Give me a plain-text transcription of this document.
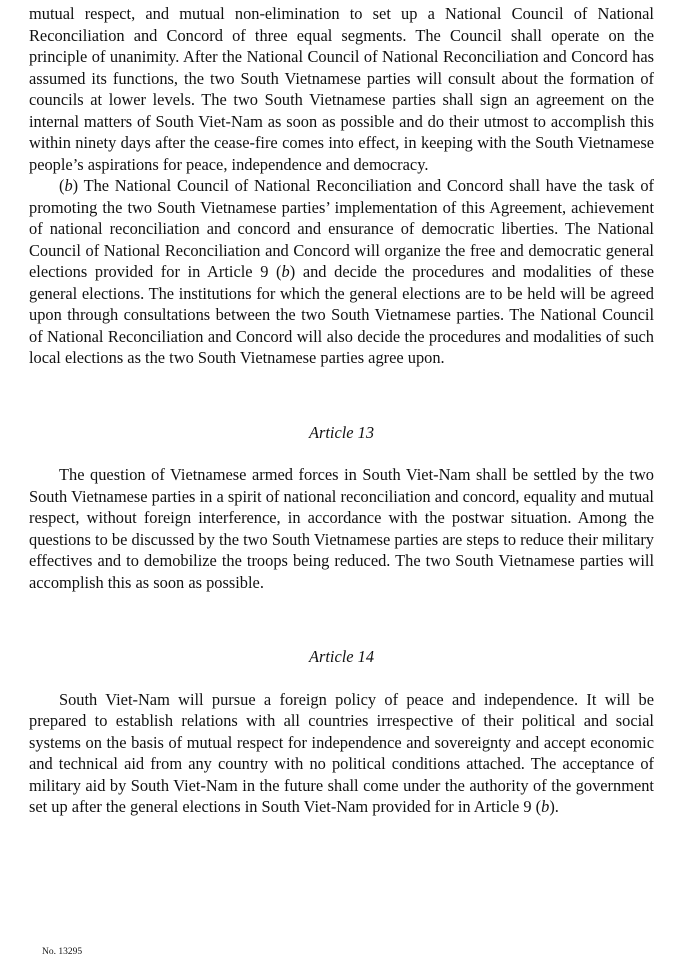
mutual respect, and mutual non-elimination to set up a National Council of National Reconciliation and Concord of three equal segments. The Council shall operate on the principle of unanimity. After the National Council of National Reconciliation and Concord has assumed its functions, the two South Vietnamese parties will consult about the formation of councils at lower levels. The two South Vietnamese parties shall sign an agreement on the internal matters of South Viet-Nam as soon as possible and do their utmost to accomplish this within ninety days after the cease-fire comes into effect, in keeping with the South Vietnamese people’s aspirations for peace, independence and democracy.

(b) The National Council of National Reconciliation and Concord shall have the task of promoting the two South Vietnamese parties’ implementation of this Agreement, achievement of national reconciliation and concord and ensurance of democratic liberties. The National Council of National Reconciliation and Concord will organize the free and democratic general elections provided for in Article 9 (b) and decide the procedures and modalities of these general elections. The institutions for which the general elections are to be held will be agreed upon through consultations between the two South Vietnamese parties. The National Council of National Reconciliation and Concord will also decide the procedures and modalities of such local elections as the two South Vietnamese parties agree upon.

Article 13

The question of Vietnamese armed forces in South Viet-Nam shall be settled by the two South Vietnamese parties in a spirit of national reconciliation and concord, equality and mutual respect, without foreign interference, in accordance with the postwar situation. Among the questions to be discussed by the two South Vietnamese parties are steps to reduce their military effectives and to demobilize the troops being reduced. The two South Vietnamese parties will accomplish this as soon as possible.

Article 14

South Viet-Nam will pursue a foreign policy of peace and independence. It will be prepared to establish relations with all countries irrespective of their political and social systems on the basis of mutual respect for independence and sovereignty and accept economic and technical aid from any country with no political conditions attached. The acceptance of military aid by South Viet-Nam in the future shall come under the authority of the government set up after the general elections in South Viet-Nam provided for in Article 9 (b).

No. 13295
